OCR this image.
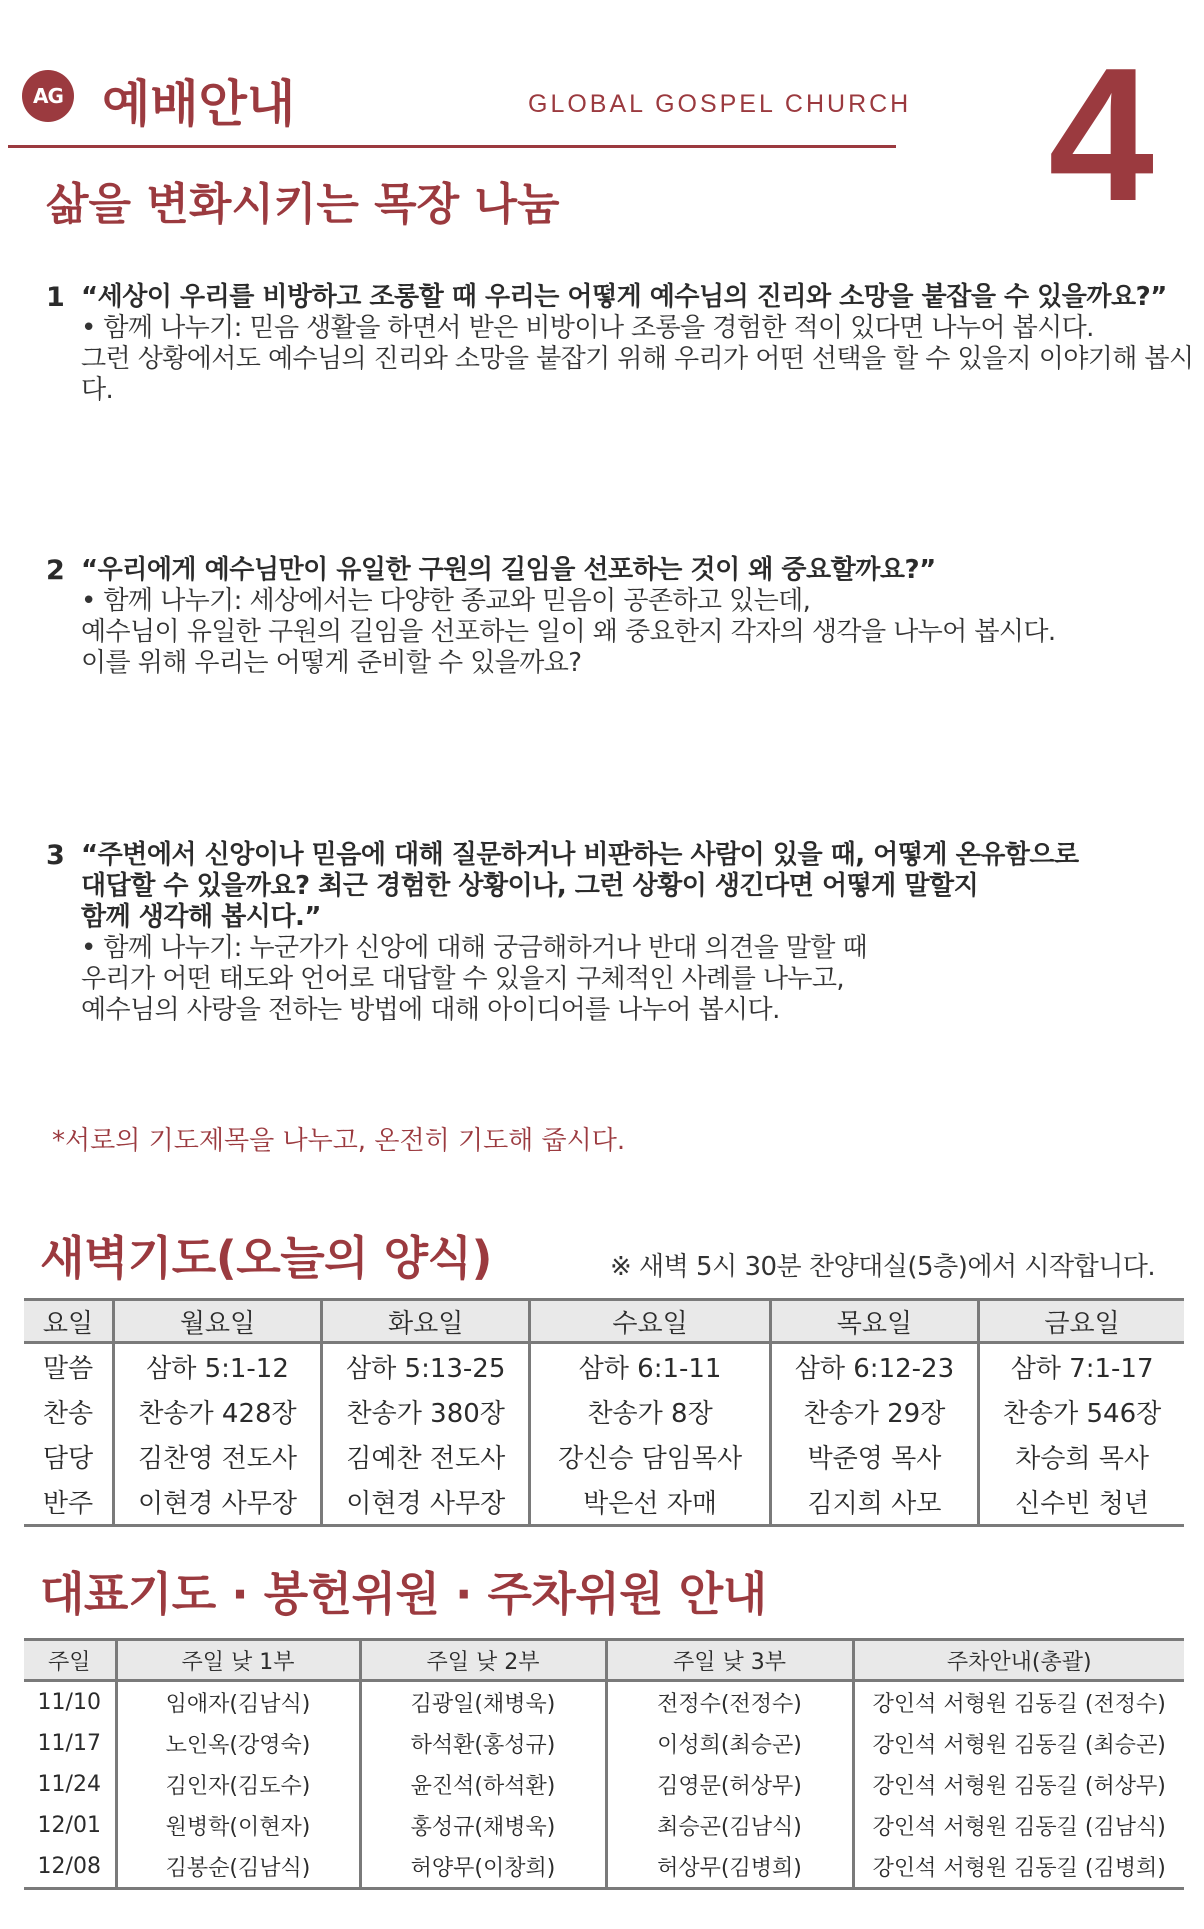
AG 예배안내	GLOBAL GOSPEL CHURCH 4
삶을 변화시키는 목장 나눔
1 “세상이 우리를 비방하고 조롱할 때 우리는 어떻게 예수님의 진리와 소망을 붙잡을 수 있을까요?”
• 함께 나누기: 믿음 생활을 하면서 받은 비방이나 조롱을 경험한 적이 있다면 나누어 봅시다.
그런 상황에서도 예수님의 진리와 소망을 붙잡기 위해 우리가 어떤 선택을 할 수 있을지 이야기해 봅시다.
2 “우리에게 예수님만이 유일한 구원의 길임을 선포하는 것이 왜 중요할까요?”
• 함께 나누기: 세상에서는 다양한 종교와 믿음이 공존하고 있는데,
예수님이 유일한 구원의 길임을 선포하는 일이 왜 중요한지 각자의 생각을 나누어 봅시다.
이를 위해 우리는 어떻게 준비할 수 있을까요?
3 “주변에서 신앙이나 믿음에 대해 질문하거나 비판하는 사람이 있을 때, 어떻게 온유함으로
대답할 수 있을까요? 최근 경험한 상황이나, 그런 상황이 생긴다면 어떻게 말할지
함께 생각해 봅시다.”
• 함께 나누기: 누군가가 신앙에 대해 궁금해하거나 반대 의견을 말할 때
우리가 어떤 태도와 언어로 대답할 수 있을지 구체적인 사례를 나누고,
예수님의 사랑을 전하는 방법에 대해 아이디어를 나누어 봅시다.
*서로의 기도제목을 나누고, 온전히 기도해 줍시다.
새벽기도(오늘의 양식)	※ 새벽 5시 30분 찬양대실(5층)에서 시작합니다.
요일	월요일	화요일	수요일	목요일	금요일
말씀	삼하 5:1-12	삼하 5:13-25	삼하 6:1-11	삼하 6:12-23	삼하 7:1-17
찬송	찬송가 428장	찬송가 380장	찬송가 8장	찬송가 29장	찬송가 546장
담당	김찬영 전도사	김예찬 전도사	강신승 담임목사	박준영 목사	차승희 목사
반주	이현경 사무장	이현경 사무장	박은선 자매	김지희 사모	신수빈 청년
대표기도 · 봉헌위원 · 주차위원 안내
주일	주일 낮 1부	주일 낮 2부	주일 낮 3부	주차안내(총괄)
11/10	임애자(김남식)	김광일(채병욱)	전정수(전정수)	강인석 서형원 김동길 (전정수)
11/17	노인옥(강영숙)	하석환(홍성규)	이성희(최승곤)	강인석 서형원 김동길 (최승곤)
11/24	김인자(김도수)	윤진석(하석환)	김영문(허상무)	강인석 서형원 김동길 (허상무)
12/01	원병학(이현자)	홍성규(채병욱)	최승곤(김남식)	강인석 서형원 김동길 (김남식)
12/08	김봉순(김남식)	허양무(이창희)	허상무(김병희)	강인석 서형원 김동길 (김병희)
